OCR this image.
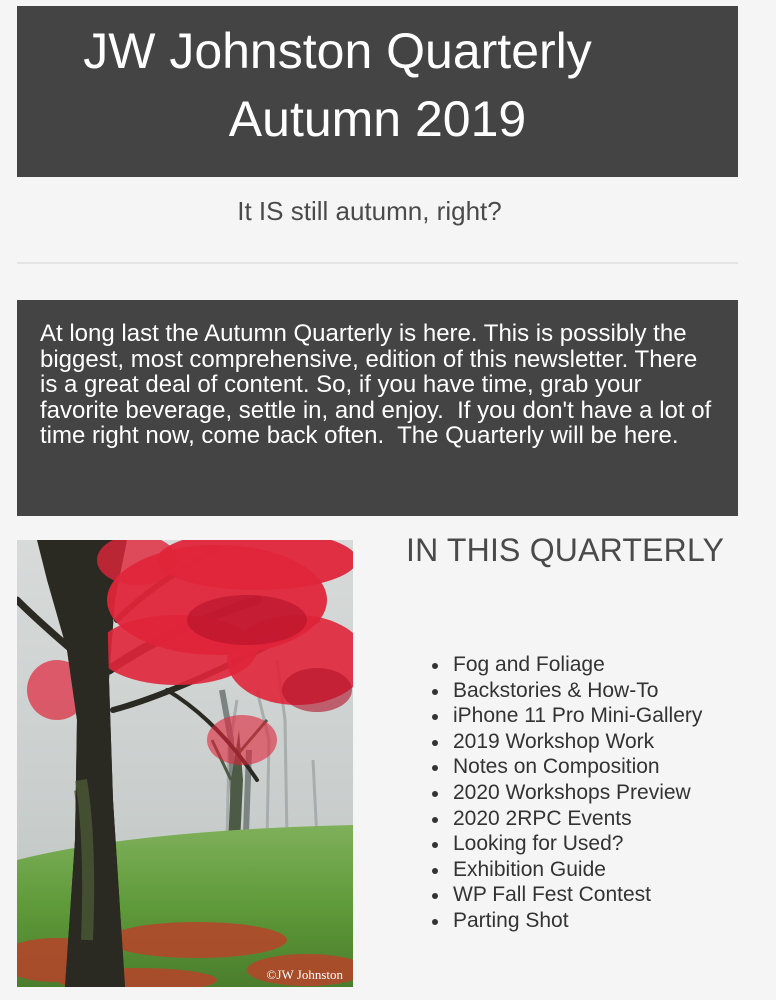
JW Johnston Quarterly
Autumn 2019

It IS still autumn, right?

At long last the Autumn Quarterly is here. This is possibly the biggest, most comprehensive, edition of this newsletter. There is a great deal of content. So, if you have time, grab your favorite beverage, settle in, and enjoy.  If you don't have a lot of time right now, come back often.  The Quarterly will be here.

©JW Johnston
IN THIS QUARTERLY
Fog and Foliage
Backstories & How-To
iPhone 11 Pro Mini-Gallery
2019 Workshop Work
Notes on Composition
2020 Workshops Preview
2020 2RPC Events
Looking for Used?
Exhibition Guide
WP Fall Fest Contest
Parting Shot
